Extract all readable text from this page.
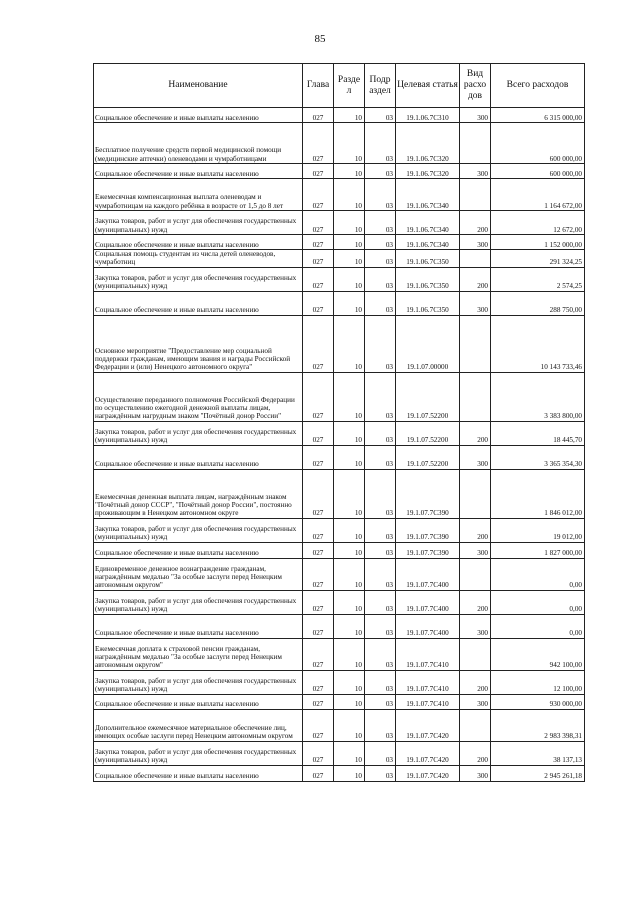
85
Наименование	Глава	Разде л	Подр аздел	Целевая статья	Вид расхо дов	Всего расходов
Социальное обеспечение и иные выплаты населению	027	10	03	19.1.06.7С310	300	6 315 000,00
Бесплатное получение средств первой медицинской помощи (медицинские аптечки) оленеводами и чумработницами	027	10	03	19.1.06.7С320		600 000,00
Социальное обеспечение и иные выплаты населению	027	10	03	19.1.06.7С320	300	600 000,00
Ежемесячная компенсационная выплата оленеводам и чумработницам на каждого ребёнка в возрасте от 1,5 до 8 лет	027	10	03	19.1.06.7С340		1 164 672,00
Закупка товаров, работ и услуг для обеспечения государственных (муниципальных) нужд	027	10	03	19.1.06.7С340	200	12 672,00
Социальное обеспечение и иные выплаты населению	027	10	03	19.1.06.7С340	300	1 152 000,00
Социальная помощь студентам из числа детей оленеводов, чумработниц	027	10	03	19.1.06.7С350		291 324,25
Закупка товаров, работ и услуг для обеспечения государственных (муниципальных) нужд	027	10	03	19.1.06.7С350	200	2 574,25
Социальное обеспечение и иные выплаты населению	027	10	03	19.1.06.7С350	300	288 750,00
Основное мероприятие "Предоставление мер социальной поддержки гражданам, имеющим звания и награды Российской Федерации и (или) Ненецкого автономного округа"	027	10	03	19.1.07.00000		10 143 733,46
Осуществление переданного полномочия Российской Федерации по осуществлению ежегодной денежной выплаты лицам, награждённым нагрудным знаком "Почётный донор России"	027	10	03	19.1.07.52200		3 383 800,00
Закупка товаров, работ и услуг для обеспечения государственных (муниципальных) нужд	027	10	03	19.1.07.52200	200	18 445,70
Социальное обеспечение и иные выплаты населению	027	10	03	19.1.07.52200	300	3 365 354,30
Ежемесячная денежная выплата лицам, награждённым знаком "Почётный донор СССР", "Почётный донор России", постоянно проживающим в Ненецком автономном округе	027	10	03	19.1.07.7С390		1 846 012,00
Закупка товаров, работ и услуг для обеспечения государственных (муниципальных) нужд	027	10	03	19.1.07.7С390	200	19 012,00
Социальное обеспечение и иные выплаты населению	027	10	03	19.1.07.7С390	300	1 827 000,00
Единовременное денежное вознаграждение гражданам, награждённым медалью "За особые заслуги перед Ненецким автономным округом"	027	10	03	19.1.07.7С400		0,00
Закупка товаров, работ и услуг для обеспечения государственных (муниципальных) нужд	027	10	03	19.1.07.7С400	200	0,00
Социальное обеспечение и иные выплаты населению	027	10	03	19.1.07.7С400	300	0,00
Ежемесячная доплата к страховой пенсии гражданам, награждённым медалью "За особые заслуги перед Ненецким автономным округом"	027	10	03	19.1.07.7С410		942 100,00
Закупка товаров, работ и услуг для обеспечения государственных (муниципальных) нужд	027	10	03	19.1.07.7С410	200	12 100,00
Социальное обеспечение и иные выплаты населению	027	10	03	19.1.07.7С410	300	930 000,00
Дополнительное ежемесячное материальное обеспечение лиц, имеющих особые заслуги перед Ненецким автономным округом	027	10	03	19.1.07.7С420		2 983 398,31
Закупка товаров, работ и услуг для обеспечения государственных (муниципальных) нужд	027	10	03	19.1.07.7С420	200	38 137,13
Социальное обеспечение и иные выплаты населению	027	10	03	19.1.07.7С420	300	2 945 261,18
